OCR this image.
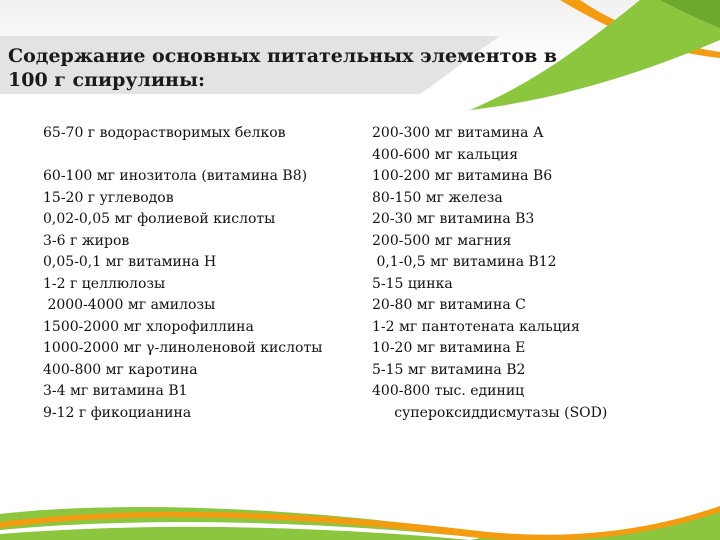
Содержание основных питательных элементов в
100 г спирулины:
65-70 г водорастворимых белков
60-100 мг инозитола (витамина В8)
15-20 г углеводов
0,02-0,05 мг фолиевой кислоты
3-6 г жиров
0,05-0,1 мг витамина Н
1-2 г целлюлозы
2000-4000 мг амилозы
1500-2000 мг хлорофиллина
1000-2000 мг γ-линоленовой кислоты
400-800 мг каротина
3-4 мг витамина В1
9-12 г фикоцианина
200-300 мг витамина А
400-600 мг кальция
100-200 мг витамина В6
80-150 мг железа
20-30 мг витамина В3
200-500 мг магния
0,1-0,5 мг витамина В12
5-15 цинка
20-80 мг витамина С
1-2 мг пантотената кальция
10-20 мг витамина Е
5-15 мг витамина В2
400-800 тыс. единиц
супероксиддисмутазы (SOD)
